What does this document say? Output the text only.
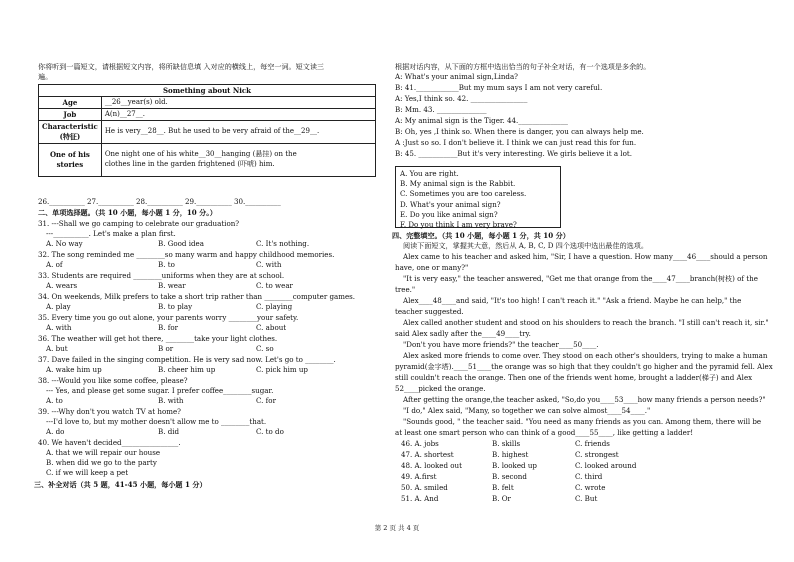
你将听到一篇短文，请根据短文内容，将所缺信息填 入对应的横线上，每空一词。短文读三
遍。
Something about Nick	
Age	__26__year(s) old.
Job	A(n)__27__.
Characteristic
(特征)	He is very__28__. But he used to be very afraid of the__29__.
One of his
stories	One night one of his white__30__hanging (悬挂) on the
clothes line in the garden frightened (吓唬) him.
26.__________ 27.__________ 28.__________ 29.__________ 30.__________
二、单项选择题。（共 10 小题，每小题 1 分，10 分。）
31. ---Shall we go camping to celebrate our graduation?
---__________. Let's make a plan first.
A. No way	B. Good idea	C. It's nothing.
32. The song reminded me ________so many warm and happy childhood memories.
A. of	B. to	C. with
33. Students are required ________uniforms when they are at school.
A. wears	B. wear	C. to wear
34. On weekends, Milk prefers to take a short trip rather than ________computer games.
A. play	B. to play	C. playing
35. Every time you go out alone, your parents worry ________your safety.
A. with	B. for	C. about
36. The weather will get hot there, ________take your light clothes.
A. but	B or	C. so
37. Dave failed in the singing competition. He is very sad now. Let's go to ________.
A. wake him up	B. cheer him up	C. pick him up
38. ---Would you like some coffee, please?
--- Yes, and please get some sugar. I prefer coffee________sugar.
A. to	B. with	C. for
39. ---Why don't you watch TV at home?
---I'd love to, but my mother doesn't allow me to ________that.
A. do	B. did	C. to do
40. We haven't decided________________.
A. that we will repair our house
B. when did we go to the party
C. if we will keep a pet
三、补全对话（共 5 题，41-45 小题，每小题 1 分）
根据对话内容，从下面的方框中选出恰当的句子补全对话，有一个选项是多余的。
A: What's your animal sign,Linda?
B: 41.____________But my mum says I am not very careful.
A: Yes,I think so. 42. ________________
B: Mm. 43. ______________
A: My animal sign is the Tiger. 44.______________
B: Oh, yes ,I think so. When there is danger, you can always help me.
A :Just so so. I don't believe it. I think we can just read this for fun.
B: 45. ___________But it's very interesting. We girls believe it a lot.
A. You are right.
B. My animal sign is the Rabbit.
C. Sometimes you are too careless.
D. What's your animal sign?
E. Do you like animal sign?
F. Do you think I am very brave?
四、完整填空。（共 10 小题，每小题 1 分，共 10 分）
阅读下面短文，掌握其大意，然后从 A, B, C, D 四个选项中选出最佳的选项。
Alex came to his teacher and asked him, "Sir, I have a question. How many____46____should a person
have, one or many?"
"It is very easy," the teacher answered, "Get me that orange from the____47____branch(树枝) of the
tree."
Alex____48____and said, "It's too high! I can't reach it." "Ask a friend. Maybe he can help," the
teacher suggested.
Alex called another student and stood on his shoulders to reach the branch. "I still can't reach it, sir."
said Alex sadly after the____49____try.
"Don't you have more friends?" the teacher____50____.
Alex asked more friends to come over. They stood on each other's shoulders, trying to make a human
pyramid(金字塔).____51____the orange was so high that they couldn't go higher and the pyramid fell. Alex
still couldn't reach the orange. Then one of the friends went home, brought a ladder(梯子) and Alex
52____picked the orange.
After getting the orange,the teacher asked, "So,do you____53____how many friends a person needs?"
"I do," Alex said, "Many, so together we can solve almost____54____."
"Sounds good, " the teacher said. "You need as many friends as you can. Among them, there will be
at least one smart person who can think of a good____55____, like getting a ladder!
46. A. jobs	B. skills	C. friends
47. A. shortest	B. highest	C. strongest
48. A. looked out	B. looked up	C. looked around
49. A.first	B. second	C. third
50. A. smiled	B. felt	C. wrote
51. A. And	B. Or	C. But
第 2 页 共 4 页
